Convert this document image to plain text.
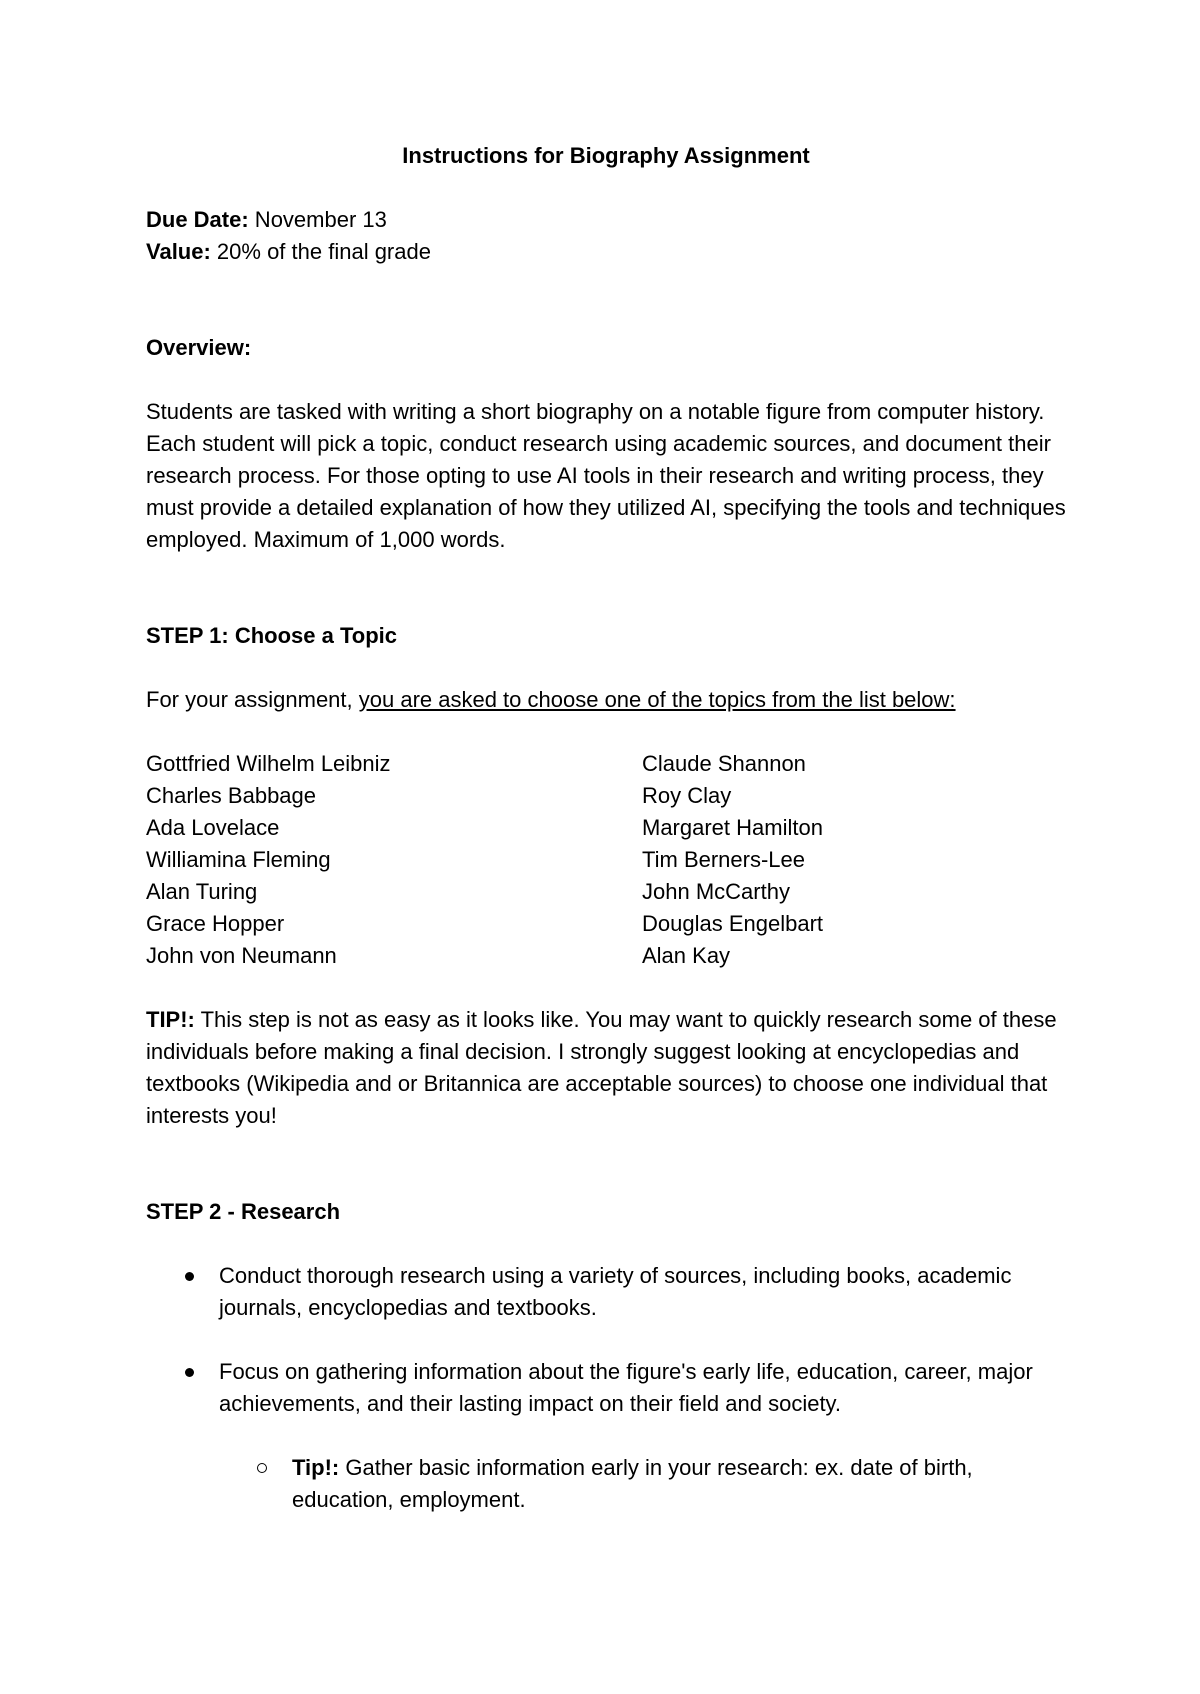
Instructions for Biography Assignment

Due Date: November 13

Value: 20% of the final grade

Overview:

Students are tasked with writing a short biography on a notable figure from computer history. Each student will pick a topic, conduct research using academic sources, and document their research process. For those opting to use AI tools in their research and writing process, they must provide a detailed explanation of how they utilized AI, specifying the tools and techniques employed. Maximum of 1,000 words.

STEP 1: Choose a Topic

For your assignment, you are asked to choose one of the topics from the list below:

Gottfried Wilhelm Leibniz
Charles Babbage
Ada Lovelace
Williamina Fleming
Alan Turing
Grace Hopper
John von Neumann
Claude Shannon
Roy Clay
Margaret Hamilton
Tim Berners-Lee
John McCarthy
Douglas Engelbart
Alan Kay

TIP!: This step is not as easy as it looks like. You may want to quickly research some of these individuals before making a final decision. I strongly suggest looking at encyclopedias and textbooks (Wikipedia and or Britannica are acceptable sources) to choose one individual that interests you!

STEP 2 - Research

Conduct thorough research using a variety of sources, including books, academic journals, encyclopedias and textbooks.
Focus on gathering information about the figure's early life, education, career, major achievements, and their lasting impact on their field and society.
Tip!: Gather basic information early in your research: ex. date of birth, education, employment.
